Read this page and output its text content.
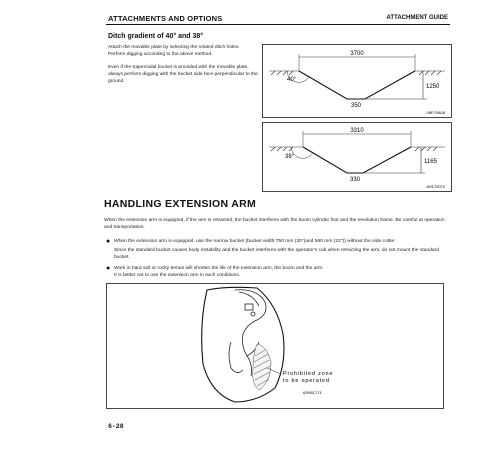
ATTACHMENTS AND OPTIONS	ATTACHMENT GUIDE
Ditch gradient of 40° and 38°
Attach the movable plate by selecting the related ditch holes. Perform digging according to the above method.
Even if the trapezoidal bucket is provided with the movable plate, always perform digging with the bucket side face perpendicular to the ground.
3700
1250
40°
350
06F70A06
3310
1165
38°
330
6H170072
HANDLING EXTENSION ARM
When the extension arm is equipped, if the arm is retracted, the bucket interferes with the boom cylinder foot and the revolution frame. Be careful at operation and transportation.
● When the extension arm is equipped, use the narrow bucket (bucket width:750 mm (30")and 560 mm (22")) without the side cutter.
Since the standard bucket causes body instability and the bucket interferes with the operator's cab when retracting the arm, do not mount the standard bucket.
● Work in hard soil or rocky terrain will shorten the life of the extension arm, the boom and the arm.
It is better not to use the extension arm in such conditions.
Prohibited zone
to be operated
6JM51771
6-28
